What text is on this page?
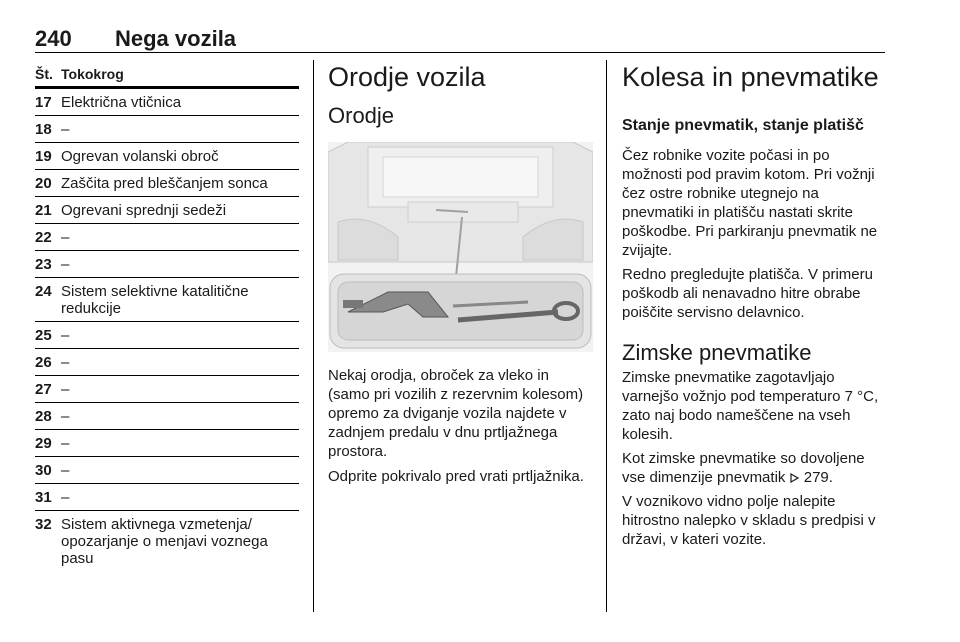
240 Nega vozila
Št. Tokokrog
17 Električna vtičnica
18 –
19 Ogrevan volanski obroč
20 Zaščita pred bleščanjem sonca
21 Ogrevani sprednji sedeži
22 –
23 –
24 Sistem selektivne katalitične redukcije
25 –
26 –
27 –
28 –
29 –
30 –
31 –
32 Sistem aktivnega vzmetenja/ opozarjanje o menjavi voznega pasu
Orodje vozila
Orodje

Nekaj orodja, obroček za vleko in (samo pri vozilih z rezervnim kolesom) opremo za dviganje vozila najdete v zadnjem predalu v dnu prtljažnega prostora.

Odprite pokrivalo pred vrati prtljažnika.

Kolesa in pnevmatike
Stanje pnevmatik, stanje platišč

Čez robnike vozite počasi in po možnosti pod pravim kotom. Pri vožnji čez ostre robnike utegnejo na pnevmatiki in platišču nastati skrite poškodbe. Pri parkiranju pnevmatik ne zvijajte.

Redno pregledujte platišča. V primeru poškodb ali nenavadno hitre obrabe poiščite servisno delavnico.

Zimske pnevmatike

Zimske pnevmatike zagotavljajo varnejšo vožnjo pod temperaturo 7 °C, zato naj bodo nameščene na vseh kolesih.

Kot zimske pnevmatike so dovoljene vse dimenzije pnevmatik 279.

V voznikovo vidno polje nalepite hitrostno nalepko v skladu s predpisi v državi, v kateri vozite.
